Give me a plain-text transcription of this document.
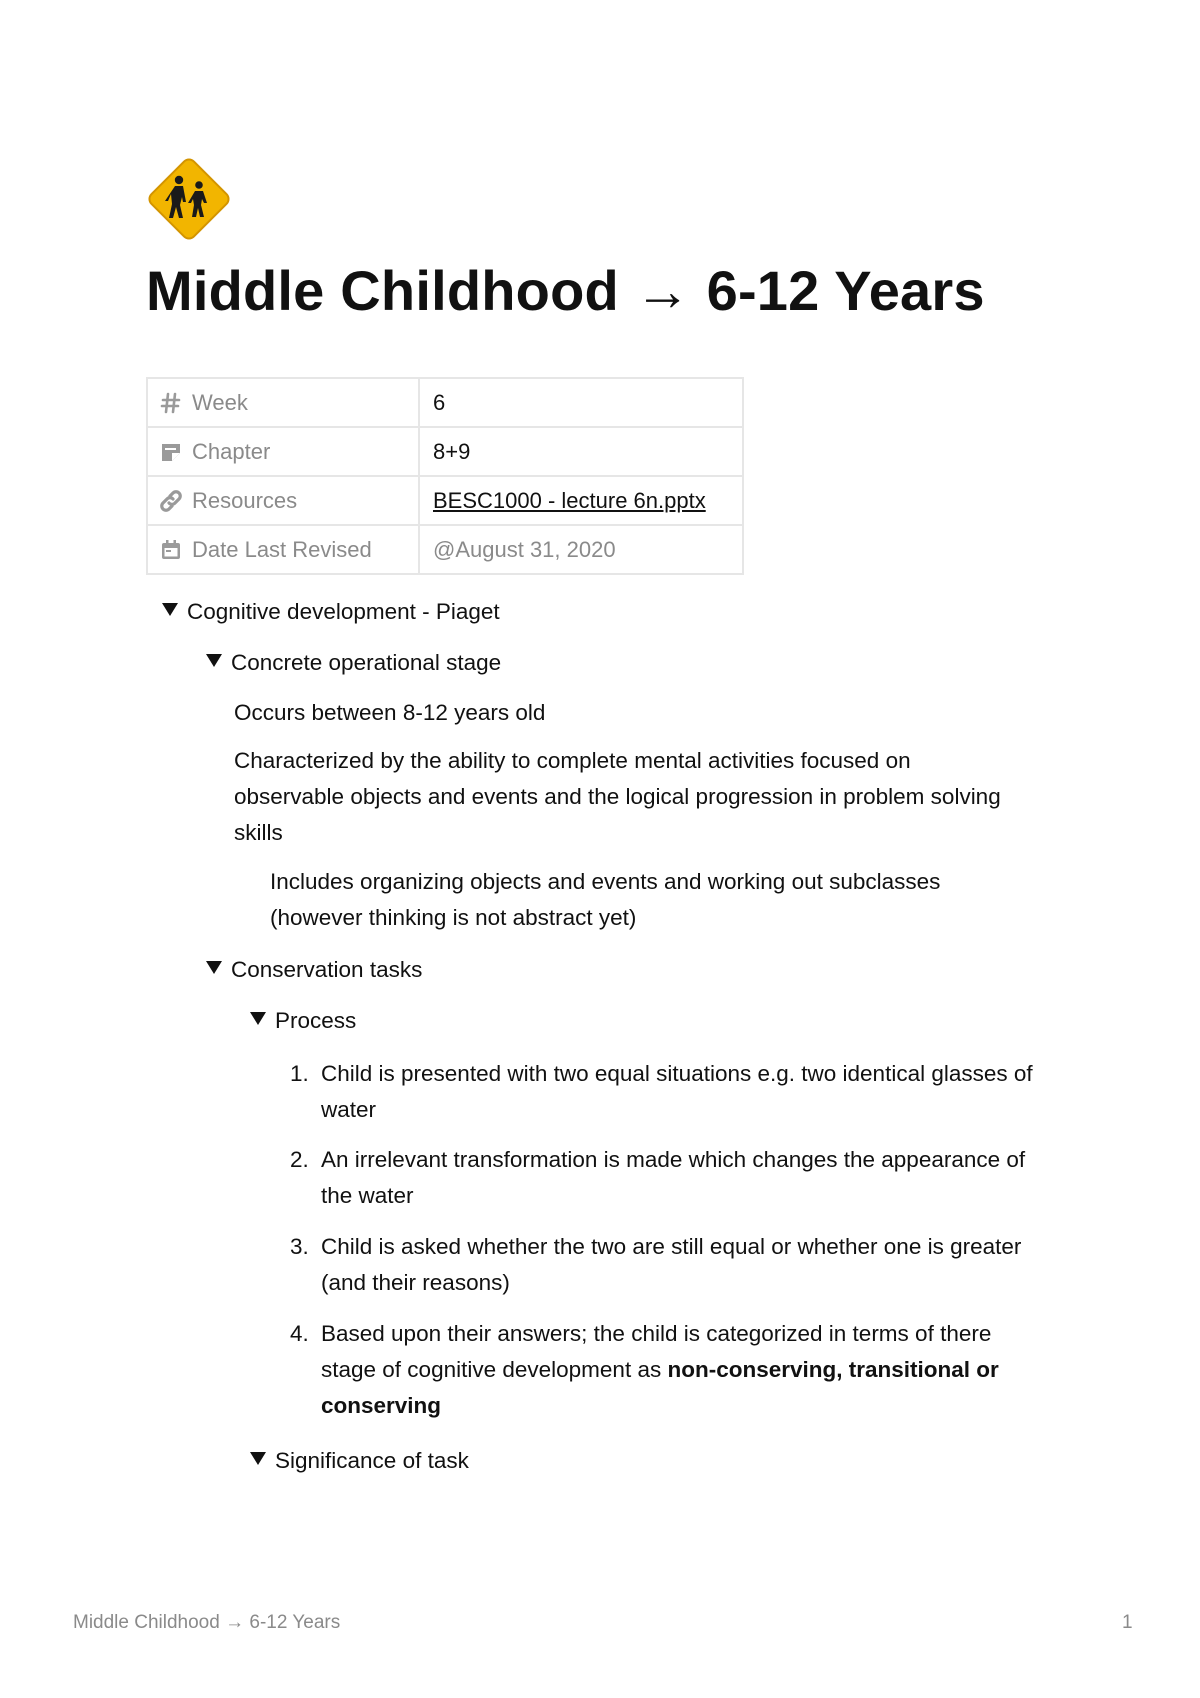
Middle Childhood → 6-12 Years
Week	6
Chapter	8+9
Resources	BESC1000 - lecture 6n.pptx
Date Last Revised	@August 31, 2020
Cognitive development - Piaget
Concrete operational stage

Occurs between 8-12 years old

Characterized by the ability to complete mental activities focused on observable objects and events and the logical progression in problem solving skills

Includes organizing objects and events and working out subclasses (however thinking is not abstract yet)

Conservation tasks
Process
1. Child is presented with two equal situations e.g. two identical glasses of water
2. An irrelevant transformation is made which changes the appearance of the water
3. Child is asked whether the two are still equal or whether one is greater (and their reasons)
4. Based upon their answers; the child is categorized in terms of there stage of cognitive development as non-conserving, transitional or conserving
Significance of task
Middle Childhood → 6-12 Years	1
